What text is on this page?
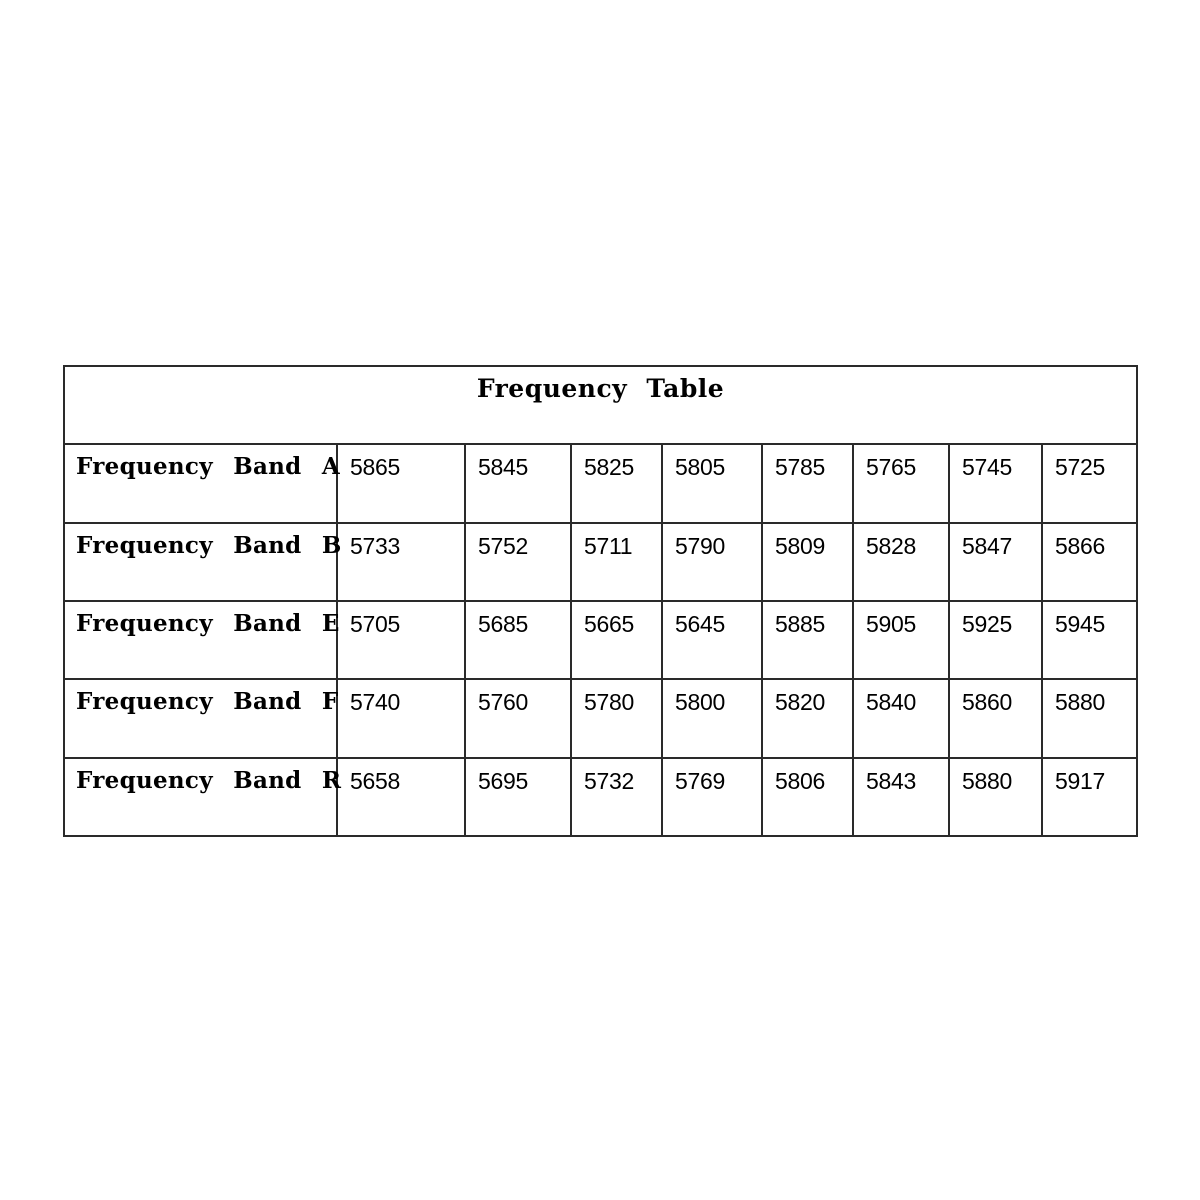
Frequency Table								
Frequency Band A	5865	5845	5825	5805	5785	5765	5745	5725
Frequency Band B	5733	5752	5711	5790	5809	5828	5847	5866
Frequency Band E	5705	5685	5665	5645	5885	5905	5925	5945
Frequency Band F	5740	5760	5780	5800	5820	5840	5860	5880
Frequency Band R	5658	5695	5732	5769	5806	5843	5880	5917
